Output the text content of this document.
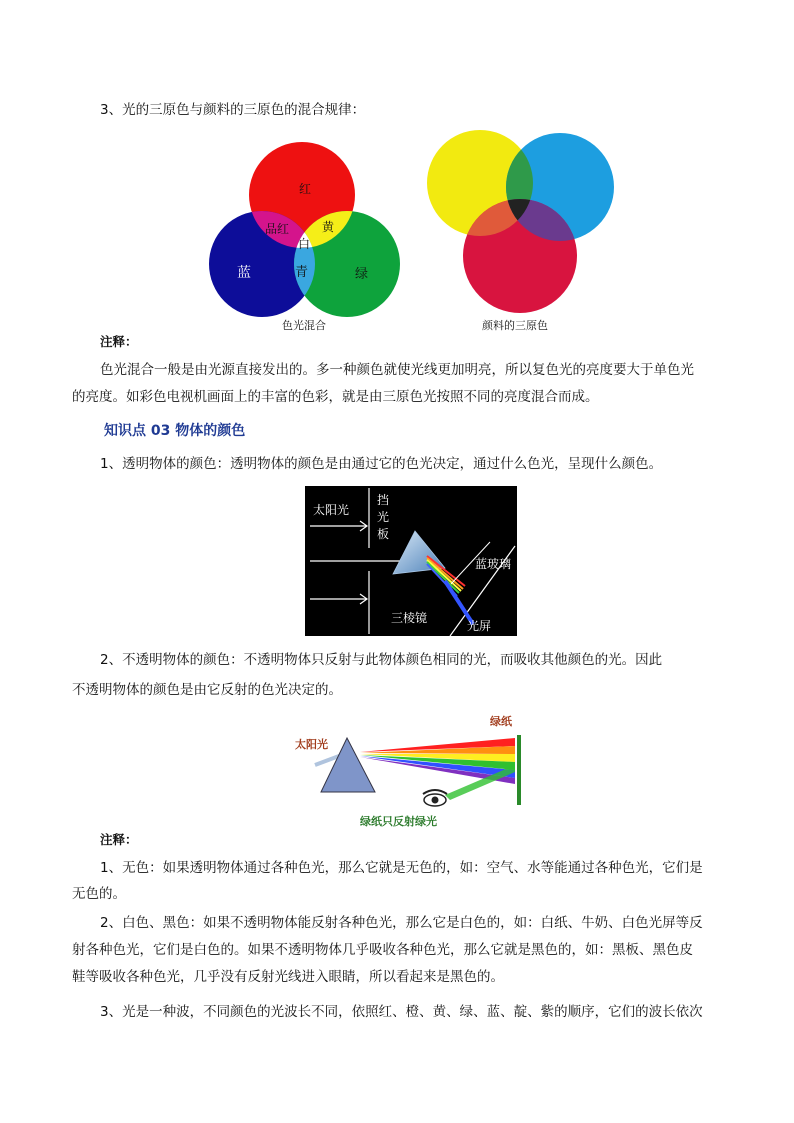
3、光的三原色与颜料的三原色的混合规律：
红
品红	黄
白
蓝	青	绿
色光混合	颜料的三原色
注释：
色光混合一般是由光源直接发出的。多一种颜色就使光线更加明亮，所以复色光的亮度要大于单色光
的亮度。如彩色电视机画面上的丰富的色彩，就是由三原色光按照不同的亮度混合而成。
知识点 03 物体的颜色
1、透明物体的颜色：透明物体的颜色是由通过它的色光决定，通过什么色光，呈现什么颜色。
太阳光
挡
光
板
蓝玻璃
三棱镜
光屏
2、不透明物体的颜色：不透明物体只反射与此物体颜色相同的光，而吸收其他颜色的光。因此
不透明物体的颜色是由它反射的色光决定的。
太阳光
绿纸
绿纸只反射绿光
注释：
1、无色：如果透明物体通过各种色光，那么它就是无色的，如：空气、水等能通过各种色光，它们是
无色的。
2、白色、黑色：如果不透明物体能反射各种色光，那么它是白色的，如：白纸、牛奶、白色光屏等反
射各种色光，它们是白色的。如果不透明物体几乎吸收各种色光，那么它就是黑色的，如：黑板、黑色皮
鞋等吸收各种色光，几乎没有反射光线进入眼睛，所以看起来是黑色的。
3、光是一种波，不同颜色的光波长不同，依照红、橙、黄、绿、蓝、靛、紫的顺序，它们的波长依次
